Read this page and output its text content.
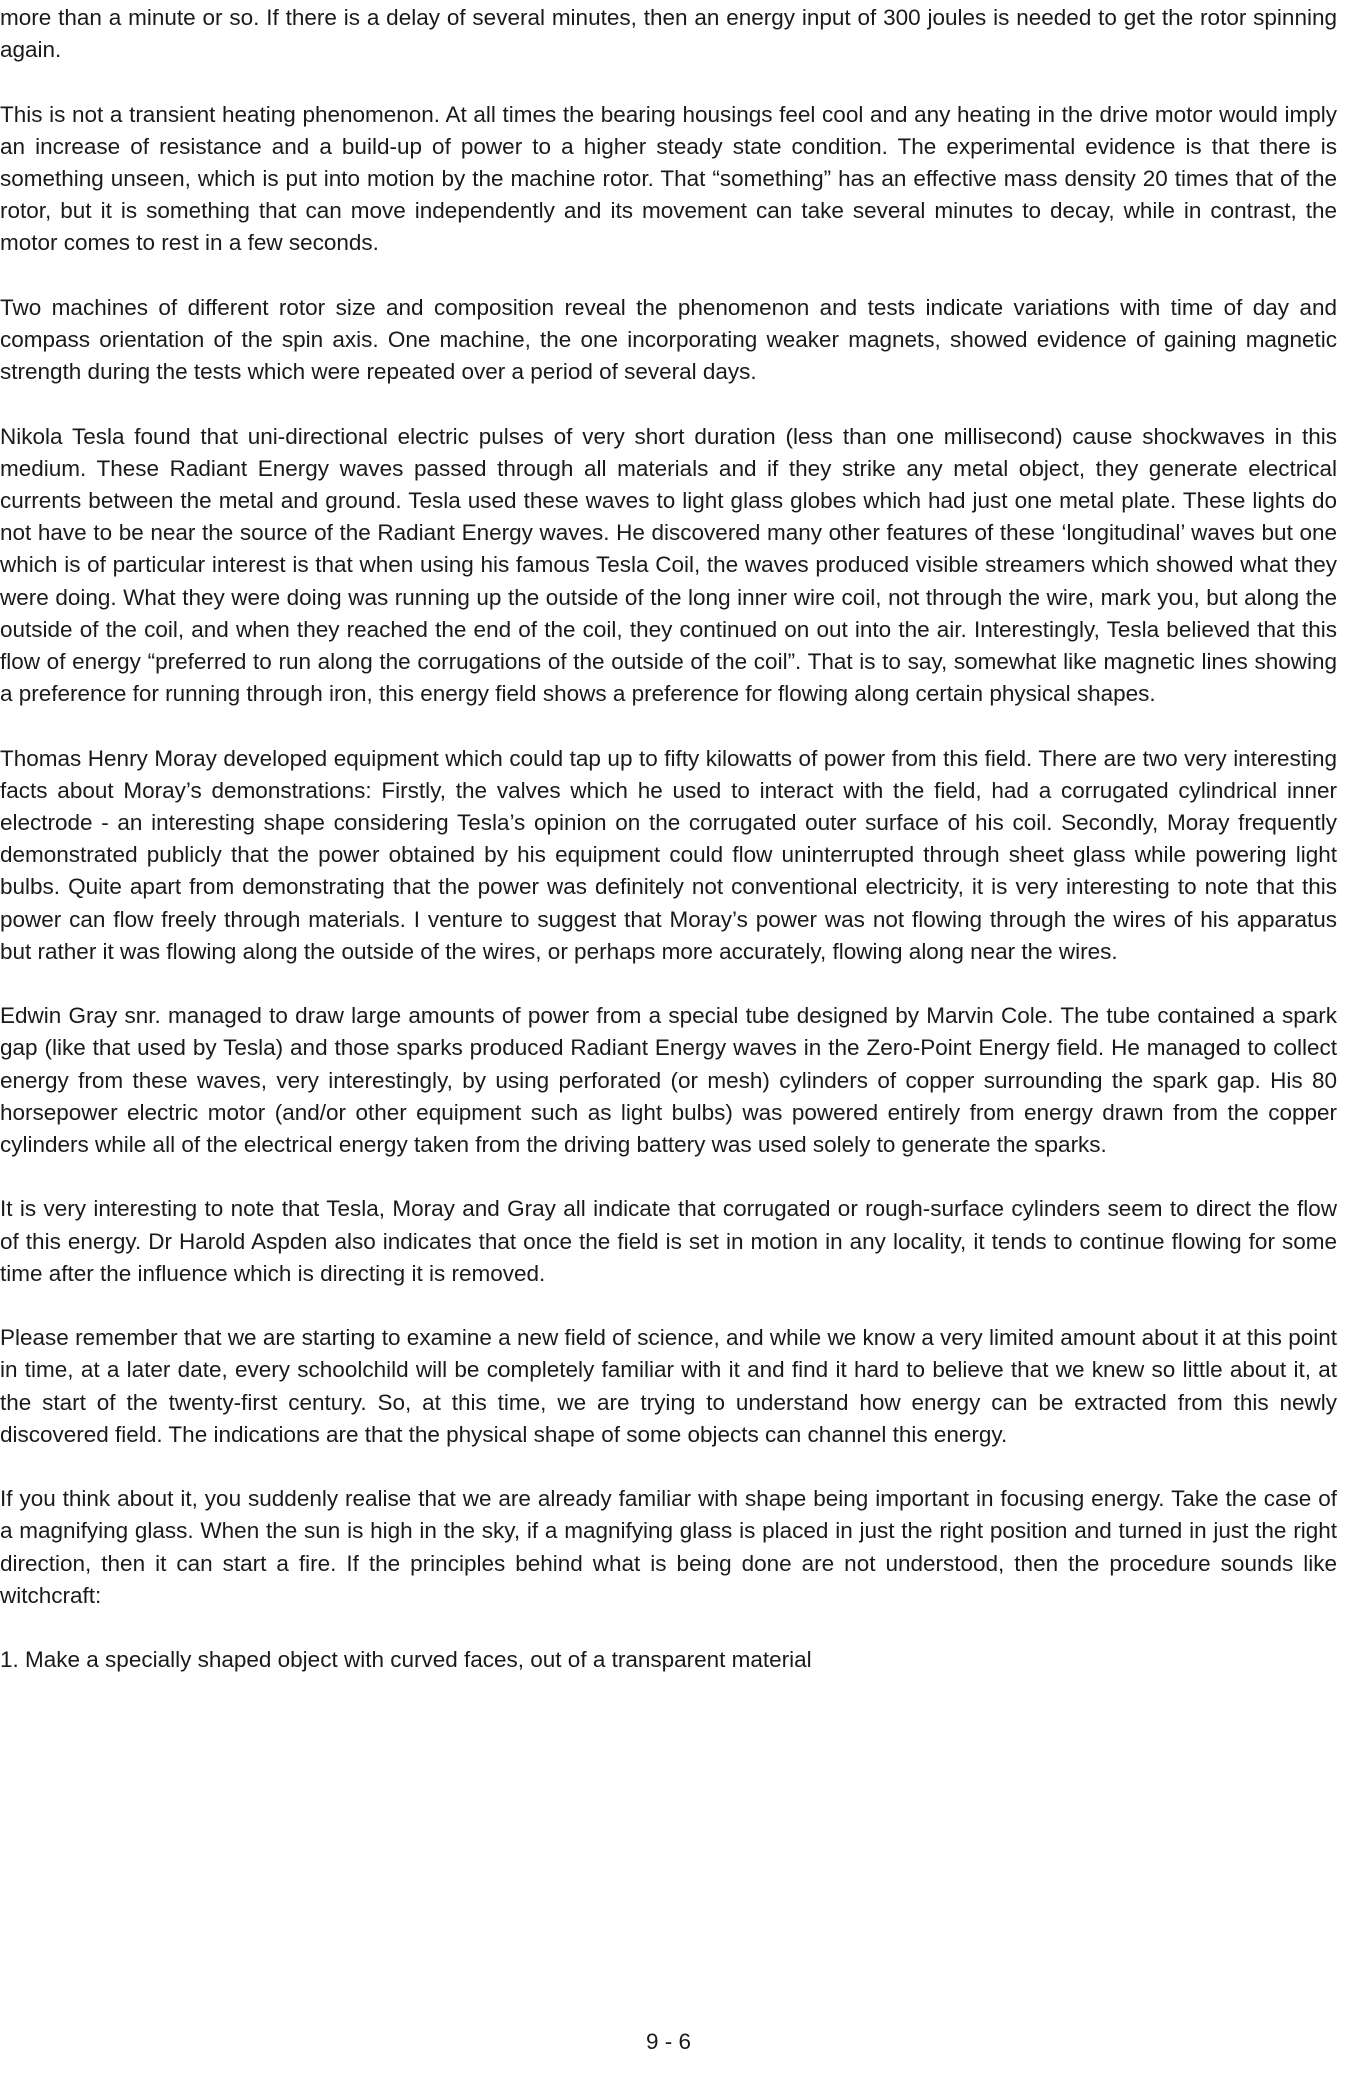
more than a minute or so. If there is a delay of several minutes, then an energy input of 300 joules is needed to get the rotor spinning again.

This is not a transient heating phenomenon. At all times the bearing housings feel cool and any heating in the drive motor would imply an increase of resistance and a build-up of power to a higher steady state condition. The experimental evidence is that there is something unseen, which is put into motion by the machine rotor. That “something” has an effective mass density 20 times that of the rotor, but it is something that can move independently and its movement can take several minutes to decay, while in contrast, the motor comes to rest in a few seconds.

Two machines of different rotor size and composition reveal the phenomenon and tests indicate variations with time of day and compass orientation of the spin axis. One machine, the one incorporating weaker magnets, showed evidence of gaining magnetic strength during the tests which were repeated over a period of several days.

Nikola Tesla found that uni-directional electric pulses of very short duration (less than one millisecond) cause shockwaves in this medium. These Radiant Energy waves passed through all materials and if they strike any metal object, they generate electrical currents between the metal and ground. Tesla used these waves to light glass globes which had just one metal plate. These lights do not have to be near the source of the Radiant Energy waves. He discovered many other features of these ‘longitudinal’ waves but one which is of particular interest is that when using his famous Tesla Coil, the waves produced visible streamers which showed what they were doing. What they were doing was running up the outside of the long inner wire coil, not through the wire, mark you, but along the outside of the coil, and when they reached the end of the coil, they continued on out into the air. Interestingly, Tesla believed that this flow of energy “preferred to run along the corrugations of the outside of the coil”. That is to say, somewhat like magnetic lines showing a preference for running through iron, this energy field shows a preference for flowing along certain physical shapes.

Thomas Henry Moray developed equipment which could tap up to fifty kilowatts of power from this field. There are two very interesting facts about Moray’s demonstrations: Firstly, the valves which he used to interact with the field, had a corrugated cylindrical inner electrode - an interesting shape considering Tesla’s opinion on the corrugated outer surface of his coil. Secondly, Moray frequently demonstrated publicly that the power obtained by his equipment could flow uninterrupted through sheet glass while powering light bulbs. Quite apart from demonstrating that the power was definitely not conventional electricity, it is very interesting to note that this power can flow freely through materials. I venture to suggest that Moray’s power was not flowing through the wires of his apparatus but rather it was flowing along the outside of the wires, or perhaps more accurately, flowing along near the wires.

Edwin Gray snr. managed to draw large amounts of power from a special tube designed by Marvin Cole. The tube contained a spark gap (like that used by Tesla) and those sparks produced Radiant Energy waves in the Zero-Point Energy field. He managed to collect energy from these waves, very interestingly, by using perforated (or mesh) cylinders of copper surrounding the spark gap. His 80 horsepower electric motor (and/or other equipment such as light bulbs) was powered entirely from energy drawn from the copper cylinders while all of the electrical energy taken from the driving battery was used solely to generate the sparks.

It is very interesting to note that Tesla, Moray and Gray all indicate that corrugated or rough-surface cylinders seem to direct the flow of this energy. Dr Harold Aspden also indicates that once the field is set in motion in any locality, it tends to continue flowing for some time after the influence which is directing it is removed.

Please remember that we are starting to examine a new field of science, and while we know a very limited amount about it at this point in time, at a later date, every schoolchild will be completely familiar with it and find it hard to believe that we knew so little about it, at the start of the twenty-first century. So, at this time, we are trying to understand how energy can be extracted from this newly discovered field. The indications are that the physical shape of some objects can channel this energy.

If you think about it, you suddenly realise that we are already familiar with shape being important in focusing energy. Take the case of a magnifying glass. When the sun is high in the sky, if a magnifying glass is placed in just the right position and turned in just the right direction, then it can start a fire. If the principles behind what is being done are not understood, then the procedure sounds like witchcraft:

1. Make a specially shaped object with curved faces, out of a transparent material

9 - 6
